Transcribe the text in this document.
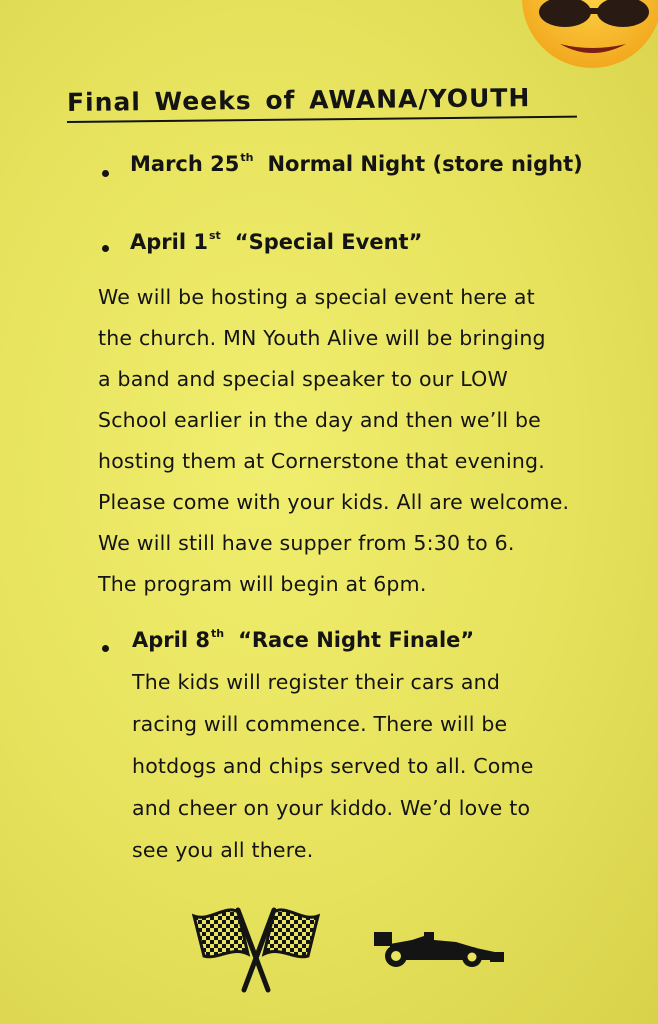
Final Weeks of AWANA/YOUTH
March 25th Normal Night (store night)
April 1st “Special Event”
We will be hosting a special event here at
the church. MN Youth Alive will be bringing
a band and special speaker to our LOW
School earlier in the day and then we’ll be
hosting them at Cornerstone that evening.
Please come with your kids. All are welcome.
We will still have supper from 5:30 to 6.
The program will begin at 6pm.
April 8th “Race Night Finale”
The kids will register their cars and
racing will commence. There will be
hotdogs and chips served to all. Come
and cheer on your kiddo. We’d love to
see you all there.
